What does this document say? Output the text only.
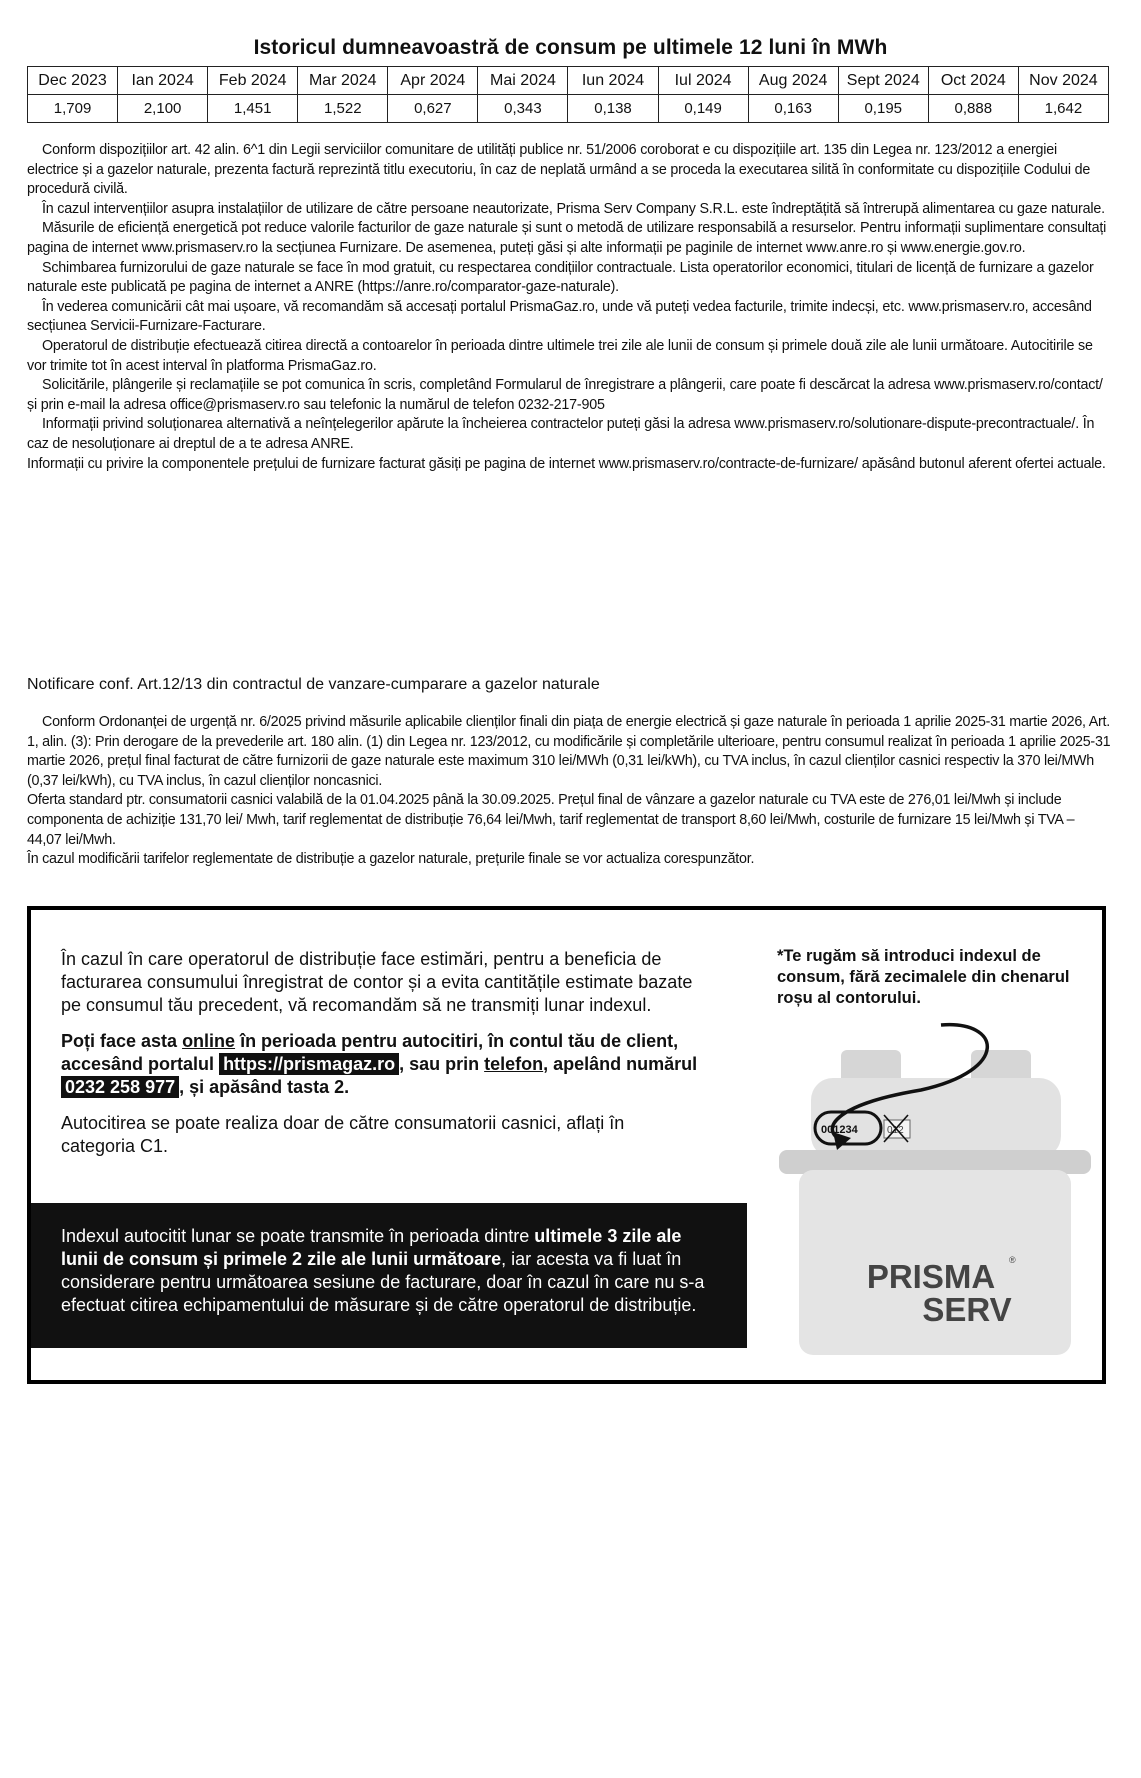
Istoricul dumneavoastră de consum pe ultimele 12 luni în MWh
Dec 2023	Ian 2024	Feb 2024	Mar 2024	Apr 2024	Mai 2024	Iun 2024	Iul 2024	Aug 2024	Sept 2024	Oct 2024	Nov 2024
1,709	2,100	1,451	1,522	0,627	0,343	0,138	0,149	0,163	0,195	0,888	1,642

Conform dispozițiilor art. 42 alin. 6^1 din Legii serviciilor comunitare de utilități publice nr. 51/2006 coroborat e cu dispozițiile art. 135 din Legea nr. 123/2012 a energiei electrice și a gazelor naturale, prezenta factură reprezintă titlu executoriu, în caz de neplată urmând a se proceda la executarea silită în conformitate cu dispozițiile Codului de procedură civilă.

În cazul intervențiilor asupra instalațiilor de utilizare de către persoane neautorizate, Prisma Serv Company S.R.L. este îndreptățită să întrerupă alimentarea cu gaze naturale.

Măsurile de eficiență energetică pot reduce valorile facturilor de gaze naturale și sunt o metodă de utilizare responsabilă a resurselor. Pentru informații suplimentare consultați pagina de internet www.prismaserv.ro la secțiunea Furnizare. De asemenea, puteți găsi și alte informații pe paginile de internet www.anre.ro și www.energie.gov.ro.

Schimbarea furnizorului de gaze naturale se face în mod gratuit, cu respectarea condițiilor contractuale. Lista operatorilor economici, titulari de licență de furnizare a gazelor naturale este publicată pe pagina de internet a ANRE (https://anre.ro/comparator-gaze-naturale).

În vederea comunicării cât mai ușoare, vă recomandăm să accesați portalul PrismaGaz.ro, unde vă puteți vedea facturile, trimite indecși, etc. www.prismaserv.ro, accesând secțiunea Servicii-Furnizare-Facturare.

Operatorul de distribuție efectuează citirea directă a contoarelor în perioada dintre ultimele trei zile ale lunii de consum și primele două zile ale lunii următoare. Autocitirile se vor trimite tot în acest interval în platforma PrismaGaz.ro.

Solicitările, plângerile și reclamațiile se pot comunica în scris, completând Formularul de înregistrare a plângerii, care poate fi descărcat la adresa www.prismaserv.ro/contact/ și prin e-mail la adresa office@prismaserv.ro sau telefonic la numărul de telefon 0232-217-905

Informații privind soluționarea alternativă a neînțelegerilor apărute la încheierea contractelor puteți găsi la adresa www.prismaserv.ro/solutionare-dispute-precontractuale/. În caz de nesoluționare ai dreptul de a te adresa ANRE.

Informații cu privire la componentele prețului de furnizare facturat găsiți pe pagina de internet www.prismaserv.ro/contracte-de-furnizare/ apăsând butonul aferent ofertei actuale.

Notificare conf. Art.12/13 din contractul de vanzare-cumparare a gazelor naturale

Conform Ordonanței de urgență nr. 6/2025 privind măsurile aplicabile clienților finali din piața de energie electrică și gaze naturale în perioada 1 aprilie 2025-31 martie 2026, Art. 1, alin. (3): Prin derogare de la prevederile art. 180 alin. (1) din Legea nr. 123/2012, cu modificările și completările ulterioare, pentru consumul realizat în perioada 1 aprilie 2025-31 martie 2026, prețul final facturat de către furnizorii de gaze naturale este maximum 310 lei/MWh (0,31 lei/kWh), cu TVA inclus, în cazul clienților casnici respectiv la 370 lei/MWh (0,37 lei/kWh), cu TVA inclus, în cazul clienților noncasnici.

Oferta standard ptr. consumatorii casnici valabilă de la 01.04.2025 până la 30.09.2025. Prețul final de vânzare a gazelor naturale cu TVA este de 276,01 lei/Mwh și include componenta de achiziție 131,70 lei/ Mwh, tarif reglementat de distribuție 76,64 lei/Mwh, tarif reglementat de transport 8,60 lei/Mwh, costurile de furnizare 15 lei/Mwh și TVA – 44,07 lei/Mwh.

În cazul modificării tarifelor reglementate de distribuție a gazelor naturale, prețurile finale se vor actualiza corespunzător.

În cazul în care operatorul de distribuție face estimări, pentru a beneficia de facturarea consumului înregistrat de contor și a evita cantitățile estimate bazate pe consumul tău precedent, vă recomandăm să ne transmiți lunar indexul.

Poți face asta online în perioada pentru autocitiri, în contul tău de client, accesând portalul https://prismagaz.ro , sau prin telefon, apelând numărul 0232 258 977 , și apăsând tasta 2.

Autocitirea se poate realiza doar de către consumatorii casnici, aflați în categoria C1.

Indexul autocitit lunar se poate transmite în perioada dintre ultimele 3 zile ale lunii de consum și primele 2 zile ale lunii următoare, iar acesta va fi luat în considerare pentru următoarea sesiune de facturare, doar în cazul în care nu s-a efectuat citirea echipamentului de măsurare și de către operatorul de distribuție.
*Te rugăm să introduci indexul de consum, fără zecimalele din chenarul roșu al contorului.
001234	012
PRISMA ®
SERV
